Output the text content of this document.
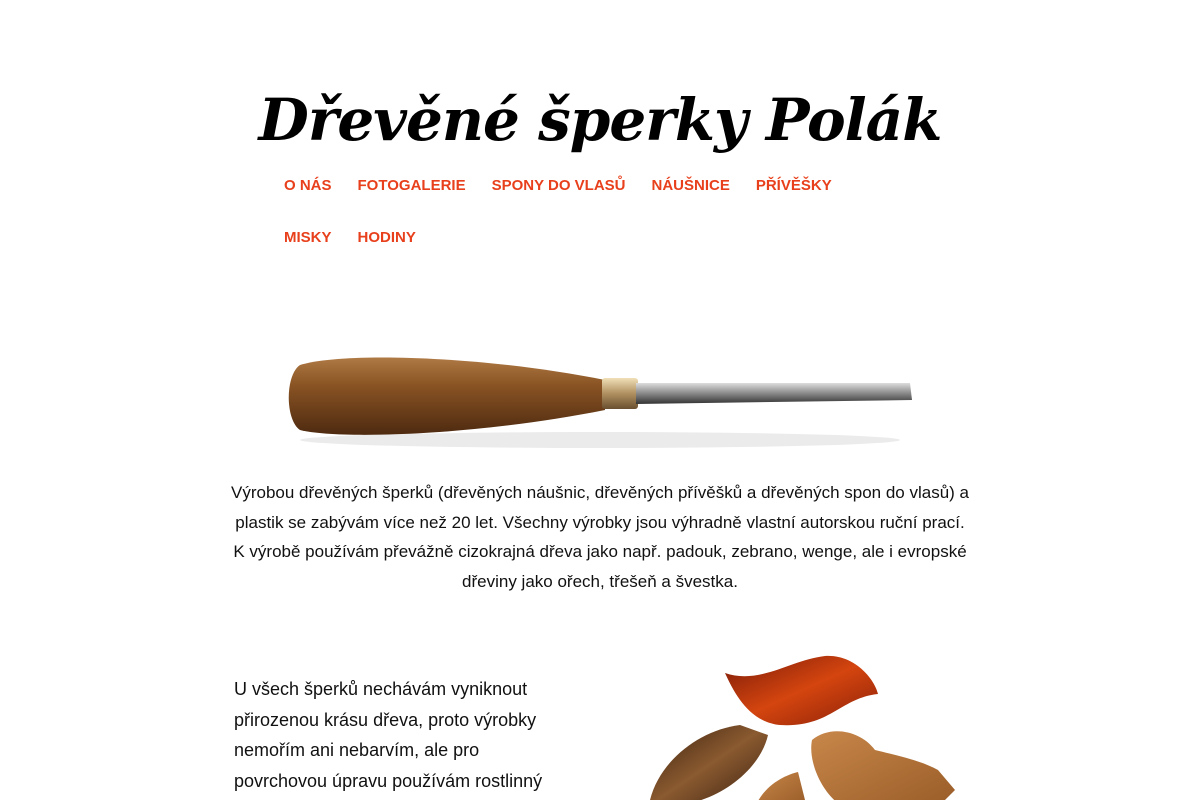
Dřevěné šperky Polák
O NÁS	FOTOGALERIE	SPONY DO VLASŮ	NÁUŠNICE	PŘÍVĚŠKY
MISKY	HODINY

Výrobou dřevěných šperků (dřevěných náušnic, dřevěných přívěšků a dřevěných spon do vlasů) a plastik se zabývám více než 20 let. Všechny výrobky jsou výhradně vlastní autorskou ruční prací. K výrobě používám převážně cizokrajná dřeva jako např. padouk, zebrano, wenge, ale i evropské dřeviny jako ořech, třešeň a švestka.

U všech šperků nechávám vyniknout přirozenou krásu dřeva, proto výrobky nemořím ani nebarvím, ale pro povrchovou úpravu používám rostlinný
